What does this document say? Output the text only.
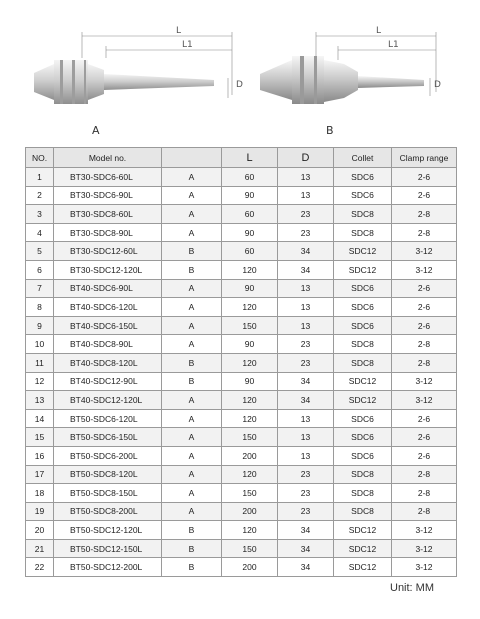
L
L1
D
A
L
L1
D
B
NO.	Model no.		L	D	Collet	Clamp range
1	BT30-SDC6-60L	A	60	13	SDC6	2-6
2	BT30-SDC6-90L	A	90	13	SDC6	2-6
3	BT30-SDC8-60L	A	60	23	SDC8	2-8
4	BT30-SDC8-90L	A	90	23	SDC8	2-8
5	BT30-SDC12-60L	B	60	34	SDC12	3-12
6	BT30-SDC12-120L	B	120	34	SDC12	3-12
7	BT40-SDC6-90L	A	90	13	SDC6	2-6
8	BT40-SDC6-120L	A	120	13	SDC6	2-6
9	BT40-SDC6-150L	A	150	13	SDC6	2-6
10	BT40-SDC8-90L	A	90	23	SDC8	2-8
11	BT40-SDC8-120L	B	120	23	SDC8	2-8
12	BT40-SDC12-90L	B	90	34	SDC12	3-12
13	BT40-SDC12-120L	A	120	34	SDC12	3-12
14	BT50-SDC6-120L	A	120	13	SDC6	2-6
15	BT50-SDC6-150L	A	150	13	SDC6	2-6
16	BT50-SDC6-200L	A	200	13	SDC6	2-6
17	BT50-SDC8-120L	A	120	23	SDC8	2-8
18	BT50-SDC8-150L	A	150	23	SDC8	2-8
19	BT50-SDC8-200L	A	200	23	SDC8	2-8
20	BT50-SDC12-120L	B	120	34	SDC12	3-12
21	BT50-SDC12-150L	B	150	34	SDC12	3-12
22	BT50-SDC12-200L	B	200	34	SDC12	3-12
Unit: MM
